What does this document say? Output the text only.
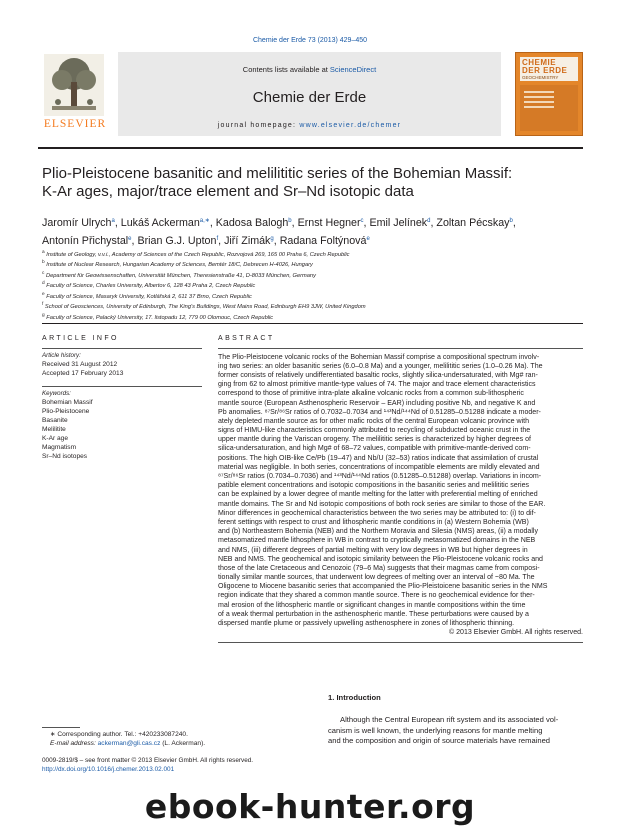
Chemie der Erde 73 (2013) 429–450
ELSEVIER
Contents lists available at ScienceDirect
Chemie der Erde
journal homepage: www.elsevier.de/chemer
CHEMIE
DER ERDE
GEOCHEMISTRY
Plio-Pleistocene basanitic and melilititic series of the Bohemian Massif:
K-Ar ages, major/trace element and Sr–Nd isotopic data
Jaromír Ulrych$^a$, Lukáš Ackerman$^{a,∗}$, Kadosa Balogh$^b$, Ernst Hegner$^c$, Emil Jelínek$^d$, Zoltan Pécskay$^b$,
Antonín Přichystal$^e$, Brian G.J. Upton$^f$, Jiří Zimák$^g$, Radana Foltýnová$^e$
$^a$ Institute of Geology, v.v.i., Academy of Sciences of the Czech Republic, Rozvojová 269, 165 00 Praha 6, Czech Republic
$^b$ Institute of Nuclear Research, Hungarian Academy of Sciences, Bemtér 18/C, Debrecen H-4026, Hungary
$^c$ Department für Geowissenschaften, Universität München, Theresienstraße 41, D-8033 München, Germany
$^d$ Faculty of Science, Charles University, Albertov 6, 128 43 Praha 2, Czech Republic
$^e$ Faculty of Science, Masaryk University, Kotlářská 2, 611 37 Brno, Czech Republic
$^f$ School of Geosciences, University of Edinburgh, The King's Buildings, West Mains Road, Edinburgh EH9 3JW, United Kingdom
$^g$ Faculty of Science, Palacký University, 17. listopadu 12, 779 00 Olomouc, Czech Republic
ARTICLE INFO
Article history:
Received 31 August 2012
Accepted 17 February 2013
Keywords:
Bohemian Massif
Plio-Pleistocene
Basanite
Melilitite
K-Ar age
Magmatism
Sr–Nd isotopes
ABSTRACT
The Plio-Pleistocene volcanic rocks of the Bohemian Massif comprise a compositional spectrum involv-
ing two series: an older basanitic series (6.0–0.8 Ma) and a younger, melilititic series (1.0–0.26 Ma). The
former consists of relatively undifferentiated basaltic rocks, slightly silica-undersaturated, with Mg# ran-
ging from 62 to almost primitive mantle-type values of 74. The major and trace element characteristics
correspond to those of primitive intra-plate alkaline volcanic rocks from a common sub-lithospheric
mantle source (European Asthenospheric Reservoir – EAR) including positive Nb, and negative K and
Pb anomalies. ⁸⁷Sr/⁸⁶Sr ratios of 0.7032–0.7034 and ¹⁴³Nd/¹⁴⁴Nd of 0.51285–0.51288 indicate a moder-
ately depleted mantle source as for other mafic rocks of the central European volcanic province with
signs of HIMU-like characteristics commonly attributed to recycling of subducted oceanic crust in the
upper mantle during the Variscan orogeny. The melilititic series is characterized by higher degrees of
silica-undersaturation, and high Mg# of 68–72 values, compatible with primitive-mantle-derived com-
positions. The high OIB-like Ce/Pb (19–47) and Nb/U (32–53) ratios indicate that assimilation of crustal
material was negligible. In both series, concentrations of incompatible elements are mildly elevated and
⁸⁷Sr/⁸⁶Sr ratios (0.7034–0.7036) and ¹⁴³Nd/¹⁴⁴Nd ratios (0.51285–0.51288) overlap. Variations in incom-
patible element concentrations and isotopic compositions in the basanitic series and melilititic series
can be explained by a lower degree of mantle melting for the latter with preferential melting of enriched
mantle domains. The Sr and Nd isotopic compositions of both rock series are similar to those of the EAR.
Minor differences in geochemical characteristics between the two series may be attributed to: (i) to dif-
ferent settings with respect to crust and lithospheric mantle conditions in (a) Western Bohemia (WB)
and (b) Northeastern Bohemia (NEB) and the Northern Moravia and Silesia (NMS) areas, (ii) a modally
metasomatized mantle lithosphere in WB in contrast to cryptically metasomatized domains in the NEB
and NMS, (iii) different degrees of partial melting with very low degrees in WB but higher degrees in
NEB and NMS. The geochemical and isotopic similarity between the Plio-Pleistocene volcanic rocks and
those of the late Cretaceous and Cenozoic (79–6 Ma) suggests that their magmas came from composi-
tionally similar mantle sources, that underwent low degrees of melting over an interval of ~80 Ma. The
Oligocene to Miocene basanitic series that accompanied the Plio-Pleistoicene basanitic series in the NMS
region indicate that they shared a common mantle source. There is no geochemical evidence for ther-
mal erosion of the lithospheric mantle or significant changes in mantle compositions within the time
of a weak thermal perturbation in the asthenospheric mantle. These perturbations were caused by a
dispersed mantle plume or passively upwelling asthenosphere in zones of lithospheric thinning.
© 2013 Elsevier GmbH. All rights reserved.
1. Introduction
Although the Central European rift system and its associated vol-
canism is well known, the underlying reasons for mantle melting
and the composition and origin of source materials have remained
∗ Corresponding author. Tel.: +420233087240.
E-mail address: ackerman@gli.cas.cz (L. Ackerman).
0009-2819/$ – see front matter © 2013 Elsevier GmbH. All rights reserved.
http://dx.doi.org/10.1016/j.chemer.2013.02.001
ebook-hunter.org
